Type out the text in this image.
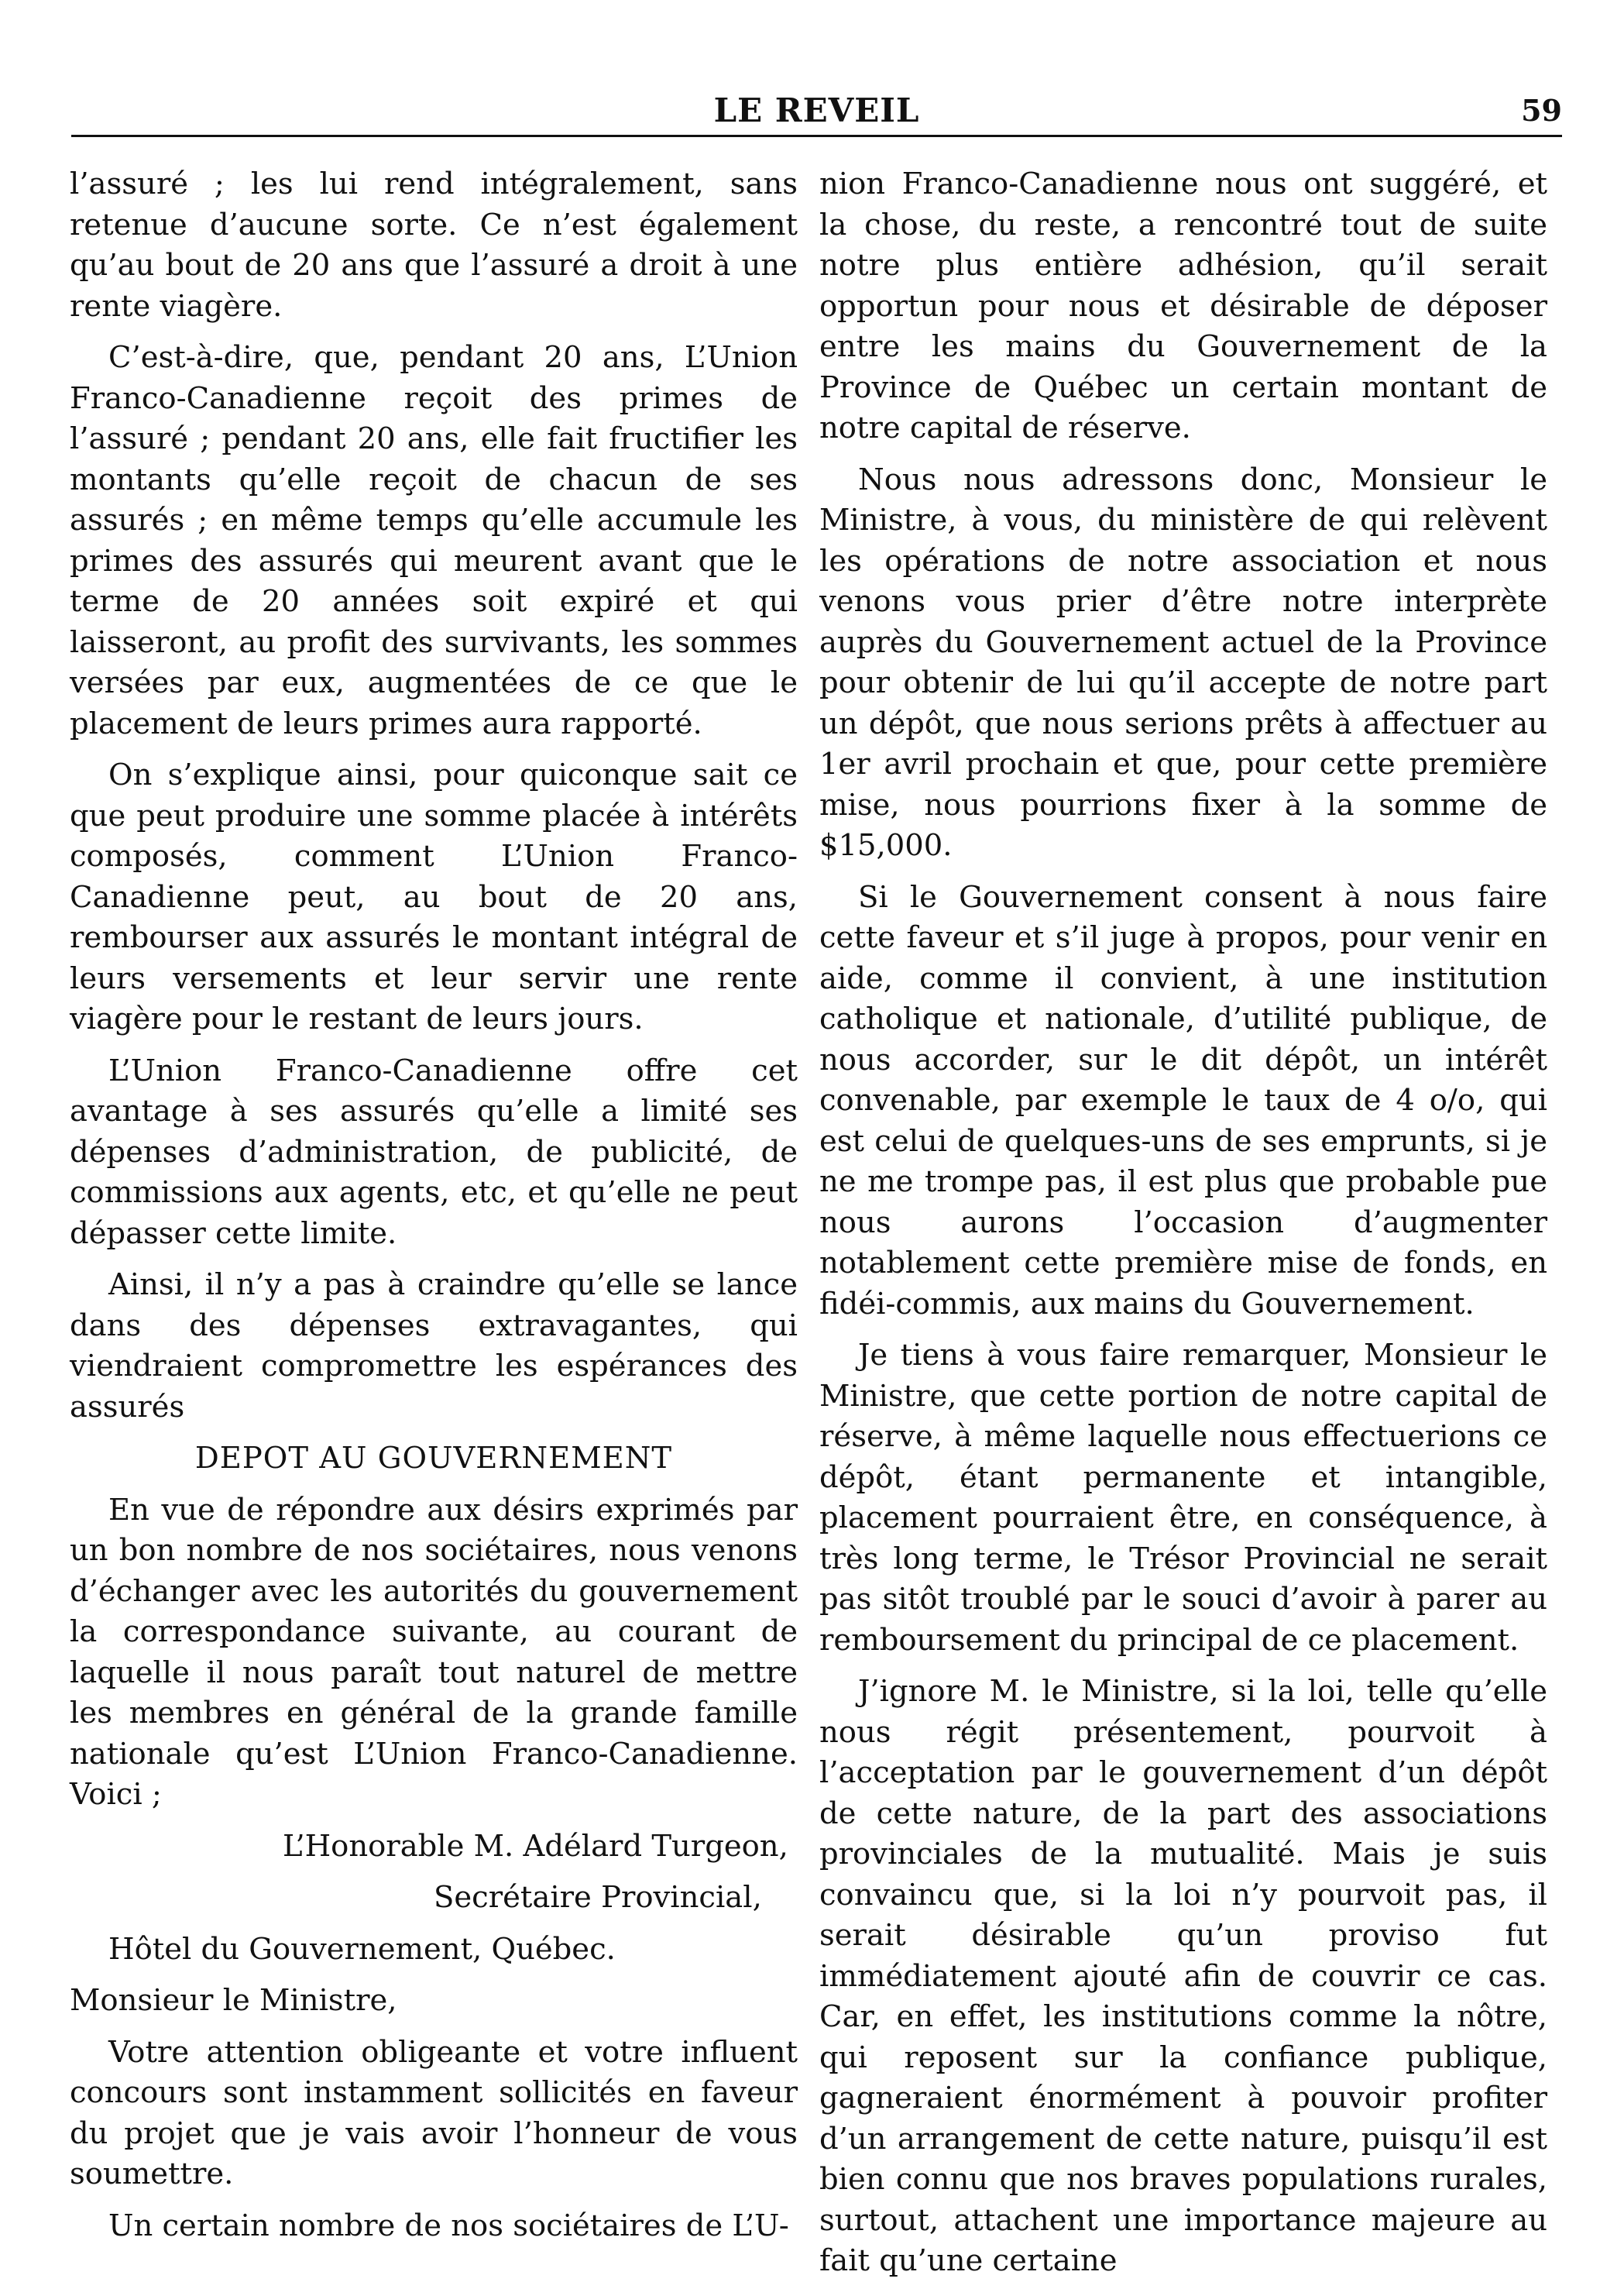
LE REVEIL	59

l’assuré ; les lui rend intégralement, sans retenue d’aucune sorte. Ce n’est également qu’au bout de 20 ans que l’assuré a droit à une rente viagère.

C’est-à-dire, que, pendant 20 ans, L’Union Franco-Canadienne reçoit des primes de l’assuré ; pendant 20 ans, elle fait fructifier les montants qu’elle reçoit de chacun de ses assurés ; en même temps qu’elle accumule les primes des assurés qui meurent avant que le terme de 20 années soit expiré et qui laisseront, au profit des survivants, les sommes versées par eux, augmentées de ce que le placement de leurs primes aura rapporté.

On s’explique ainsi, pour quiconque sait ce que peut produire une somme placée à intérêts composés, comment L’Union Franco-Canadienne peut, au bout de 20 ans, rembourser aux assurés le montant intégral de leurs versements et leur servir une rente viagère pour le restant de leurs jours.

L’Union Franco-Canadienne offre cet avantage à ses assurés qu’elle a limité ses dépenses d’administration, de publicité, de commissions aux agents, etc, et qu’elle ne peut dépasser cette limite.

Ainsi, il n’y a pas à craindre qu’elle se lance dans des dépenses extravagantes, qui viendraient compromettre les espérances des assurés

DEPOT AU GOUVERNEMENT

En vue de répondre aux désirs exprimés par un bon nombre de nos sociétaires, nous venons d’échanger avec les autorités du gouvernement la correspondance suivante, au courant de laquelle il nous paraît tout naturel de mettre les membres en général de la grande famille nationale qu’est L’Union Franco-Canadienne. Voici ;

L’Honorable M. Adélard Turgeon,

Secrétaire Provincial,

Hôtel du Gouvernement, Québec.

Monsieur le Ministre,

Votre attention obligeante et votre influent concours sont instamment sollicités en faveur du projet que je vais avoir l’honneur de vous soumettre.

Un certain nombre de nos sociétaires de L’U-

nion Franco-Canadienne nous ont suggéré, et la chose, du reste, a rencontré tout de suite notre plus entière adhésion, qu’il serait opportun pour nous et désirable de déposer entre les mains du Gouvernement de la Province de Québec un certain montant de notre capital de réserve.

Nous nous adressons donc, Monsieur le Ministre, à vous, du ministère de qui relèvent les opérations de notre association et nous venons vous prier d’être notre interprète auprès du Gouvernement actuel de la Province pour obtenir de lui qu’il accepte de notre part un dépôt, que nous serions prêts à affectuer au 1er avril prochain et que, pour cette première mise, nous pourrions fixer à la somme de $15,000.

Si le Gouvernement consent à nous faire cette faveur et s’il juge à propos, pour venir en aide, comme il convient, à une institution catholique et nationale, d’utilité publique, de nous accorder, sur le dit dépôt, un intérêt convenable, par exemple le taux de 4 o/o, qui est celui de quelques-uns de ses emprunts, si je ne me trompe pas, il est plus que probable pue nous aurons l’occasion d’augmenter notablement cette première mise de fonds, en fidéi-commis, aux mains du Gouvernement.

Je tiens à vous faire remarquer, Monsieur le Ministre, que cette portion de notre capital de réserve, à même laquelle nous effectuerions ce dépôt, étant permanente et intangible, placement pourraient être, en conséquence, à très long terme, le Trésor Provincial ne serait pas sitôt troublé par le souci d’avoir à parer au remboursement du principal de ce placement.

J’ignore M. le Ministre, si la loi, telle qu’elle nous régit présentement, pourvoit à l’acceptation par le gouvernement d’un dépôt de cette nature, de la part des associations provinciales de la mutualité. Mais je suis convaincu que, si la loi n’y pourvoit pas, il serait désirable qu’un proviso fut immédiatement ajouté afin de couvrir ce cas. Car, en effet, les institutions comme la nôtre, qui reposent sur la confiance publique, gagneraient énormément à pouvoir profiter d’un arrangement de cette nature, puisqu’il est bien connu que nos braves populations rurales, surtout, attachent une importance majeure au fait qu’une certaine
